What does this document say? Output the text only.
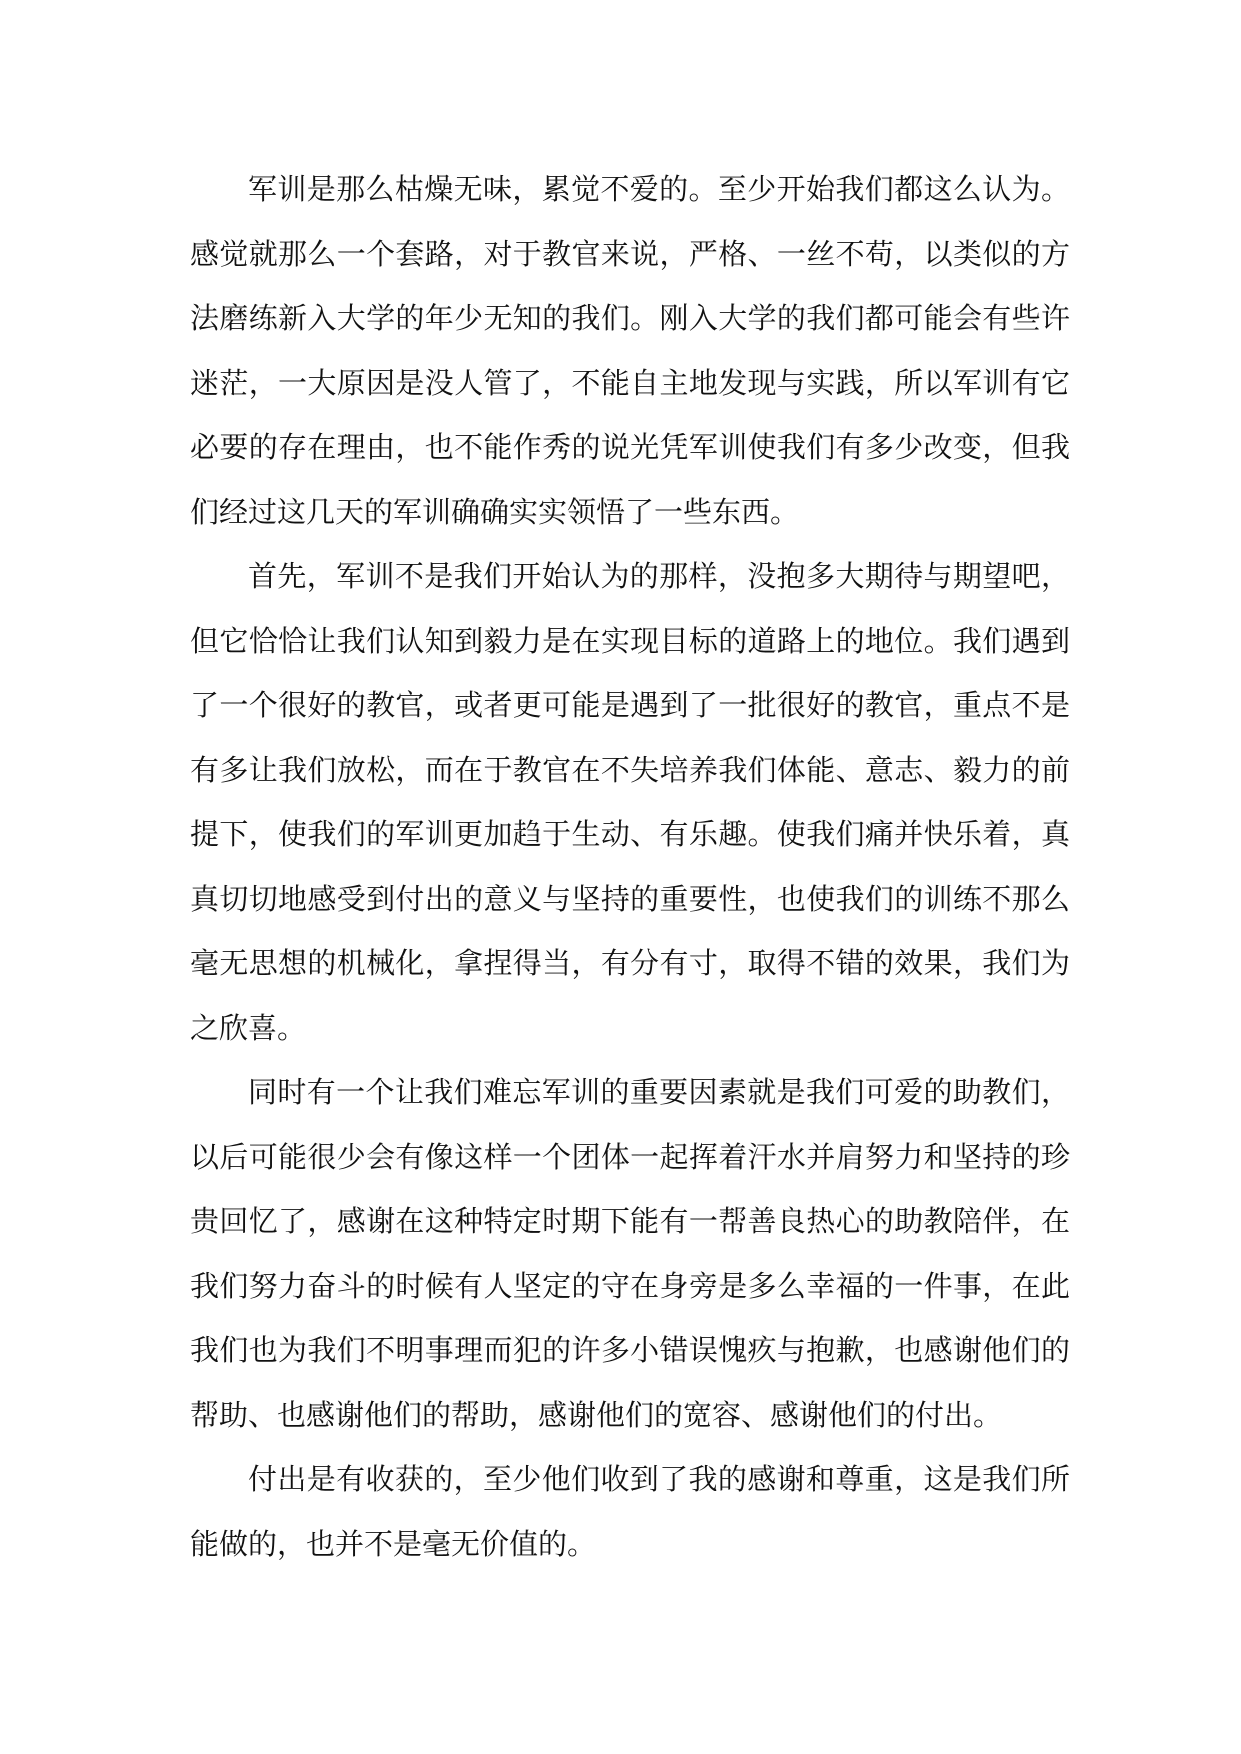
军训是那么枯燥无味，累觉不爱的。至少开始我们都这么认为。感觉就那么一个套路，对于教官来说，严格、一丝不苟，以类似的方法磨练新入大学的年少无知的我们。刚入大学的我们都可能会有些许迷茫，一大原因是没人管了，不能自主地发现与实践，所以军训有它必要的存在理由，也不能作秀的说光凭军训使我们有多少改变，但我们经过这几天的军训确确实实领悟了一些东西。

首先，军训不是我们开始认为的那样，没抱多大期待与期望吧，但它恰恰让我们认知到毅力是在实现目标的道路上的地位。我们遇到了一个很好的教官，或者更可能是遇到了一批很好的教官，重点不是有多让我们放松，而在于教官在不失培养我们体能、意志、毅力的前提下，使我们的军训更加趋于生动、有乐趣。使我们痛并快乐着，真真切切地感受到付出的意义与坚持的重要性，也使我们的训练不那么毫无思想的机械化，拿捏得当，有分有寸，取得不错的效果，我们为之欣喜。

同时有一个让我们难忘军训的重要因素就是我们可爱的助教们，以后可能很少会有像这样一个团体一起挥着汗水并肩努力和坚持的珍贵回忆了，感谢在这种特定时期下能有一帮善良热心的助教陪伴，在我们努力奋斗的时候有人坚定的守在身旁是多么幸福的一件事，在此我们也为我们不明事理而犯的许多小错误愧疚与抱歉，也感谢他们的帮助、也感谢他们的帮助，感谢他们的宽容、感谢他们的付出。

付出是有收获的，至少他们收到了我的感谢和尊重，这是我们所能做的，也并不是毫无价值的。
